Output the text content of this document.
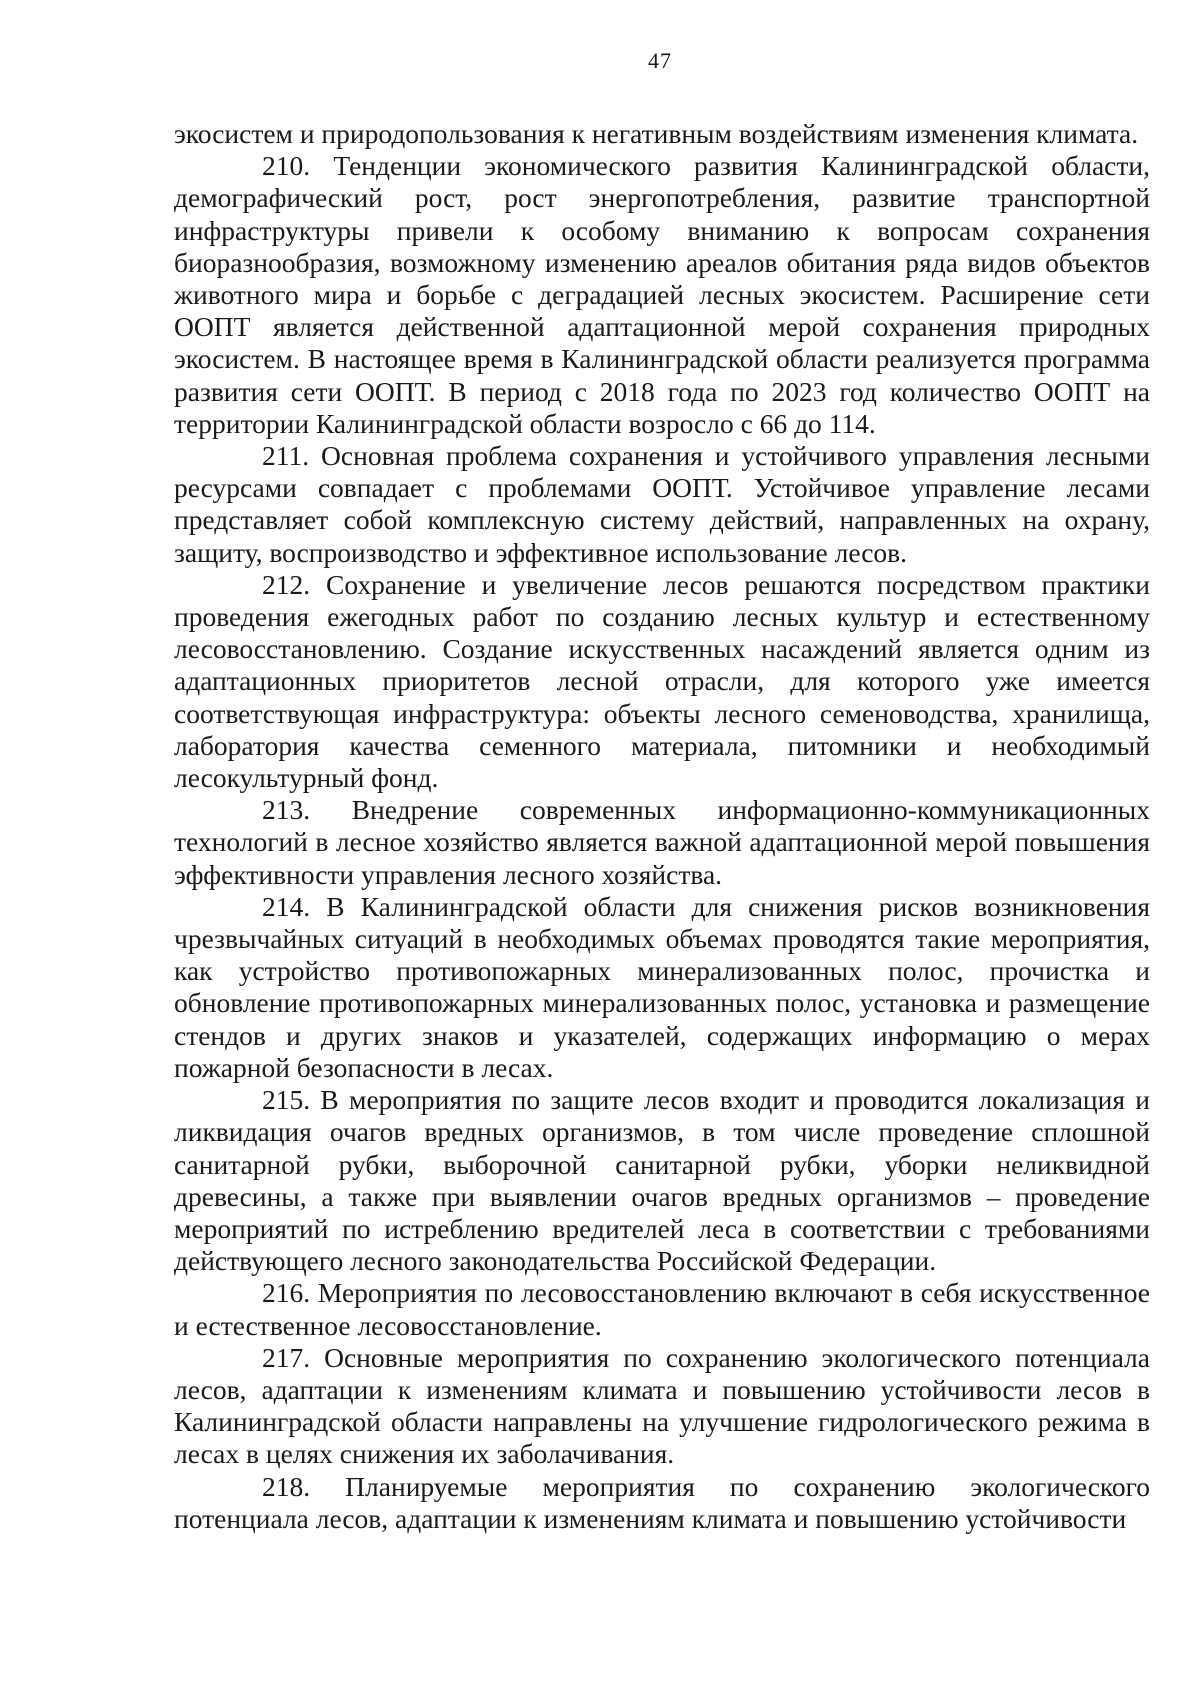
47

экосистем и природопользования к негативным воздействиям изменения климата.

210. Тенденции экономического развития Калининградской области, демографический рост, рост энергопотребления, развитие транспортной инфраструктуры привели к особому вниманию к вопросам сохранения биоразнообразия, возможному изменению ареалов обитания ряда видов объектов животного мира и борьбе с деградацией лесных экосистем. Расширение сети ООПТ является действенной адаптационной мерой сохранения природных экосистем. В настоящее время в Калининградской области реализуется программа развития сети ООПТ. В период с 2018 года по 2023 год количество ООПТ на территории Калининградской области возросло с 66 до 114.

211. Основная проблема сохранения и устойчивого управления лесными ресурсами совпадает с проблемами ООПТ. Устойчивое управление лесами представляет собой комплексную систему действий, направленных на охрану, защиту, воспроизводство и эффективное использование лесов.

212. Сохранение и увеличение лесов решаются посредством практики проведения ежегодных работ по созданию лесных культур и естественному лесовосстановлению. Создание искусственных насаждений является одним из адаптационных приоритетов лесной отрасли, для которого уже имеется соответствующая инфраструктура: объекты лесного семеноводства, хранилища, лаборатория качества семенного материала, питомники и необходимый лесокультурный фонд.

213. Внедрение современных информационно-коммуникационных технологий в лесное хозяйство является важной адаптационной мерой повышения эффективности управления лесного хозяйства.

214. В Калининградской области для снижения рисков возникновения чрезвычайных ситуаций в необходимых объемах проводятся такие мероприятия, как устройство противопожарных минерализованных полос, прочистка и обновление противопожарных минерализованных полос, установка и размещение стендов и других знаков и указателей, содержащих информацию о мерах пожарной безопасности в лесах.

215. В мероприятия по защите лесов входит и проводится локализация и ликвидация очагов вредных организмов, в том числе проведение сплошной санитарной рубки, выборочной санитарной рубки, уборки неликвидной древесины, а также при выявлении очагов вредных организмов – проведение мероприятий по истреблению вредителей леса в соответствии с требованиями действующего лесного законодательства Российской Федерации.

216. Мероприятия по лесовосстановлению включают в себя искусственное и естественное лесовосстановление.

217. Основные мероприятия по сохранению экологического потенциала лесов, адаптации к изменениям климата и повышению устойчивости лесов в Калининградской области направлены на улучшение гидрологического режима в лесах в целях снижения их заболачивания.

218. Планируемые мероприятия по сохранению экологического потенциала лесов, адаптации к изменениям климата и повышению устойчивости
